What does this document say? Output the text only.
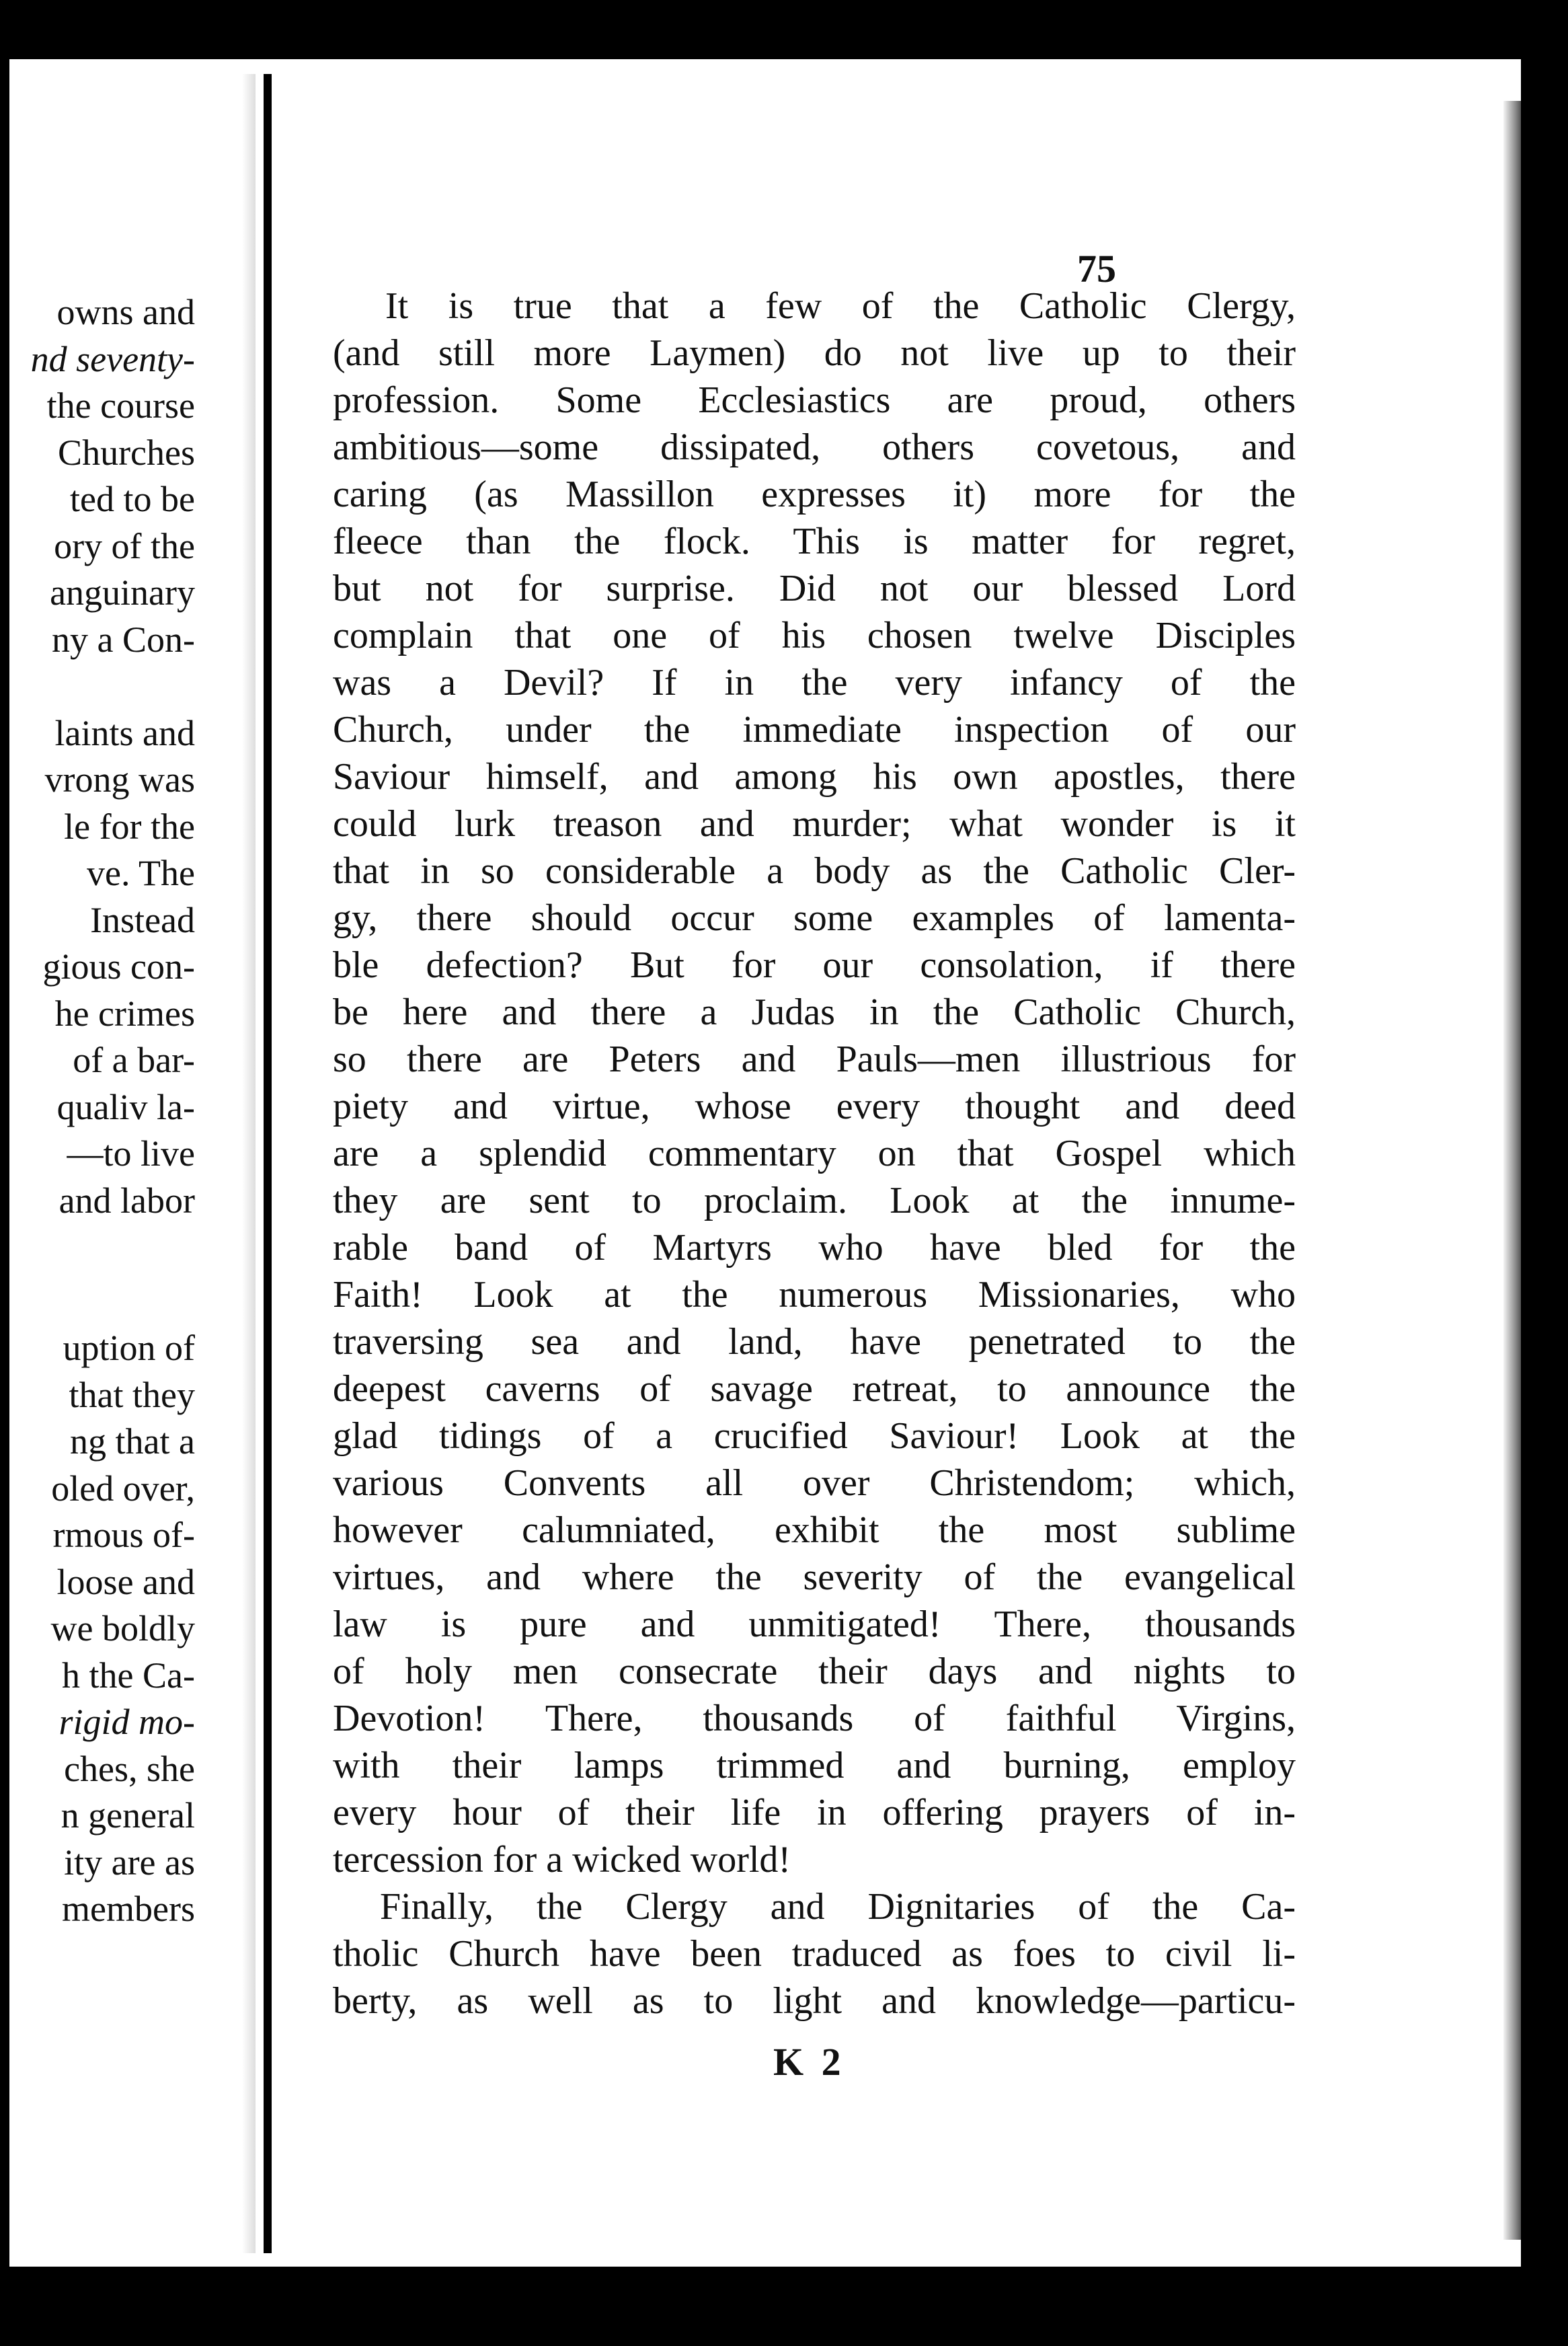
owns and
nd seventy-
the course
Churches
ted to be
ory of the
anguinary
ny a Con-
laints and
vrong was
le for the
ve. The
Instead
gious con-
he crimes
of a bar-
qualiv la-
—to live
and labor
uption of
that they
ng that a
oled over,
rmous of-
loose and
we boldly
h the Ca-
rigid mo-
ches, she
n general
ity are as
members
75
It is true that a few of the Catholic Clergy,
(and still more Laymen) do not live up to their
profession. Some Ecclesiastics are proud, others
ambitious—some dissipated, others covetous, and
caring (as Massillon expresses it) more for the
fleece than the flock. This is matter for regret,
but not for surprise. Did not our blessed Lord
complain that one of his chosen twelve Disciples
was a Devil? If in the very infancy of the
Church, under the immediate inspection of our
Saviour himself, and among his own apostles, there
could lurk treason and murder; what wonder is it
that in so considerable a body as the Catholic Cler-
gy, there should occur some examples of lamenta-
ble defection? But for our consolation, if there
be here and there a Judas in the Catholic Church,
so there are Peters and Pauls—men illustrious for
piety and virtue, whose every thought and deed
are a splendid commentary on that Gospel which
they are sent to proclaim. Look at the innume-
rable band of Martyrs who have bled for the
Faith! Look at the numerous Missionaries, who
traversing sea and land, have penetrated to the
deepest caverns of savage retreat, to announce the
glad tidings of a crucified Saviour! Look at the
various Convents all over Christendom; which,
however calumniated, exhibit the most sublime
virtues, and where the severity of the evangelical
law is pure and unmitigated! There, thousands
of holy men consecrate their days and nights to
Devotion! There, thousands of faithful Virgins,
with their lamps trimmed and burning, employ
every hour of their life in offering prayers of in-
tercession for a wicked world!
Finally, the Clergy and Dignitaries of the Ca-
tholic Church have been traduced as foes to civil li-
berty, as well as to light and knowledge—particu-
K 2
